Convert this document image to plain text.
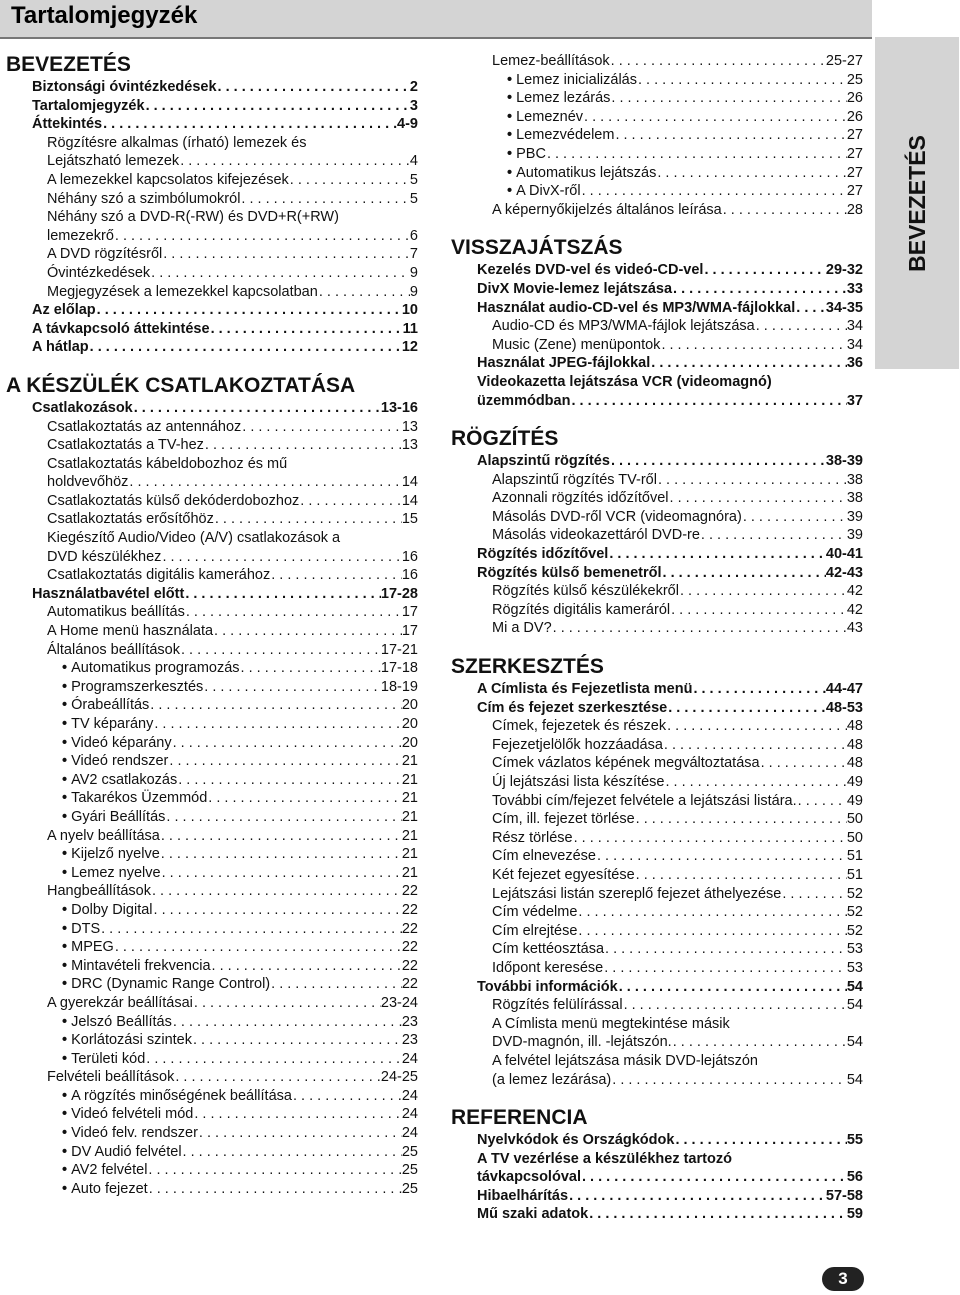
Tartalomjegyzék
BEVEZETÉS
BEVEZETÉS
Biztonsági óvintézkedések . . .	2
Tartalomjegyzék . . .	3
Áttekintés . . .	4-9
Rögzítésre alkalmas (írható) lemezek és
Lejátszható lemezek . . .	4
A lemezekkel kapcsolatos kifejezések . . .	5
Néhány szó a szimbólumokról . . .	5
Néhány szó a DVD-R(-RW) és DVD+R(+RW)
lemezekrő . . .	6
A DVD rögzítésről . . .	7
Óvintézkedések . . .	9
Megjegyzések a lemezekkel kapcsolatban . . .	9
Az előlap . . .	10
A távkapcsoló áttekintése . . .	11
A hátlap . . .	12
A KÉSZÜLÉK CSATLAKOZTATÁSA
Csatlakozások . . .	13-16
Csatlakoztatás az antennához . . .	13
Csatlakoztatás a TV-hez . . .	13
Csatlakoztatás kábeldobozhoz és mű
holdvevőhöz . . .	14
Csatlakoztatás külső dekóderdobozhoz . . .	14
Csatlakoztatás erősítőhöz . . .	15
Kiegészítő Audio/Video (A/V) csatlakozások a
DVD készülékhez . . .	16
Csatlakoztatás digitális kamerához . . .	16
Használatbavétel előtt . . .	17-28
Automatikus beállítás . . .	17
A Home menü használata . . .	17
Általános beállítások . . .	17-21
•
Automatikus programozás . . .	17-18
•
Programszerkesztés . . .	18-19
•
Órabeállítás . . .	20
•
TV képarány . . .	20
•
Videó képarány . . .	20
•
Videó rendszer . . .	21
•
AV2 csatlakozás . . .	21
•
Takarékos Üzemmód . . .	21
•
Gyári Beállítás . . .	21
A nyelv beállítása . . .	21
•
Kijelző nyelve . . .	21
•
Lemez nyelve . . .	21
Hangbeállítások . . .	22
•
Dolby Digital . . .	22
•
DTS . . .	22
•
MPEG . . .	22
•
Mintavételi frekvencia . . .	22
•
DRC (Dynamic Range Control) . . .	22
A gyerekzár beállításai . . .	23-24
•
Jelszó Beállítás . . .	23
•
Korlátozási szintek . . .	23
•
Területi kód . . .	24
Felvételi beállítások . . .	24-25
•
A rögzítés minőségének beállítása . . .	24
•
Videó felvételi mód . . .	24
•
Videó felv. rendszer . . .	24
•
DV Audió felvétel . . .	25
•
AV2 felvétel . . .	25
•
Auto fejezet . . .	25
Lemez-beállítások . . .	25-27
•
Lemez inicializálás . . .	25
•
Lemez lezárás . . .	26
•
Lemeznév . . .	26
•
Lemezvédelem . . .	27
•
PBC . . .	27
•
Automatikus lejátszás . . .	27
•
A DivX-ről . . .	27
A képernyőkijelzés általános leírása . . .	28
VISSZAJÁTSZÁS
Kezelés DVD-vel és videó-CD-vel . . .	29-32
DivX Movie-lemez lejátszása . . .	33
Használat audio-CD-vel és MP3/WMA-fájlokkal . . . 34-35
Audio-CD és MP3/WMA-fájlok lejátszása . . .	34
Music (Zene) menüpontok . . .	34
Használat JPEG-fájlokkal . . .	36
Videokazetta lejátszása VCR (videomagnó)
üzemmódban . . .	37
RÖGZÍTÉS
Alapszintű rögzítés . . .	38-39
Alapszintű rögzítés TV-ről . . .	38
Azonnali rögzítés időzítővel . . .	38
Másolás DVD-ről VCR (videomagnóra) . . .	39
Másolás videokazettáról DVD-re . . .	39
Rögzítés időzítővel . . .	40-41
Rögzítés külső bemenetről . . .	42-43
Rögzítés külső készülékekről . . .	42
Rögzítés digitális kameráról . . .	42
Mi a DV? . . .	43
SZERKESZTÉS
A Címlista és Fejezetlista menü . . .	44-47
Cím és fejezet szerkesztése . . .	48-53
Címek, fejezetek és részek . . .	48
Fejezetjelölők hozzáadása . . .	48
Címek vázlatos képének megváltoztatása . . .	48
Új lejátszási lista készítése . . .	49
További cím/fejezet felvétele a lejátszási listára. . . .	49
Cím, ill. fejezet törlése . . .	50
Rész törlése . . .	50
Cím elnevezése . . .	51
Két fejezet egyesítése . . .	51
Lejátszási listán szereplő fejezet áthelyezése . . .	52
Cím védelme . . .	52
Cím elrejtése . . .	52
Cím kettéosztása . . .	53
Időpont keresése . . .	53
További információk . . .	54
Rögzítés felülírással . . .	54
A Címlista menü megtekintése másik
DVD-magnón, ill. -lejátszón. . . .	54
A felvétel lejátszása másik DVD-lejátszón
(a lemez lezárása) . . .	54
REFERENCIA
Nyelvkódok és Országkódok . . .	55
A TV vezérlése a készülékhez tartozó
távkapcsolóval . . .	56
Hibaelhárítás . . .	57-58
Mű szaki adatok . . .	59
3
